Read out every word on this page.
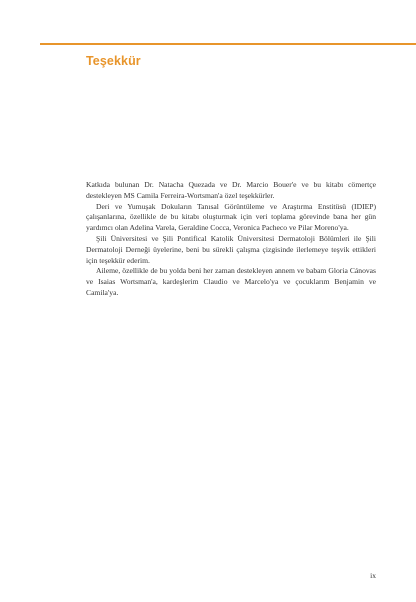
Teşekkür

Katkıda bulunan Dr. Natacha Quezada ve Dr. Marcio Bouer'e ve bu kitabı cömertçe destekleyen MS Camila Ferreira-Wortsman'a özel teşekkürler.

Deri ve Yumuşak Dokuların Tanısal Görüntüleme ve Araştırma Enstitüsü (IDIEP) çalışanlarına, özellikle de bu kitabı oluşturmak için veri toplama görevinde bana her gün yardımcı olan Adelina Varela, Geraldine Cocca, Veronica Pacheco ve Pilar Moreno'ya.

Şili Üniversitesi ve Şili Pontifical Katolik Üniversitesi Dermatoloji Bölümleri ile Şili Dermatoloji Derneği üyelerine, beni bu sürekli çalışma çizgisinde ilerlemeye teşvik ettikleri için teşekkür ederim.

Aileme, özellikle de bu yolda beni her zaman destekleyen annem ve babam Gloria Cánovas ve Isaias Wortsman'a, kardeşlerim Claudio ve Marcelo'ya ve çocuklarım Benjamin ve Camila'ya.

ix
